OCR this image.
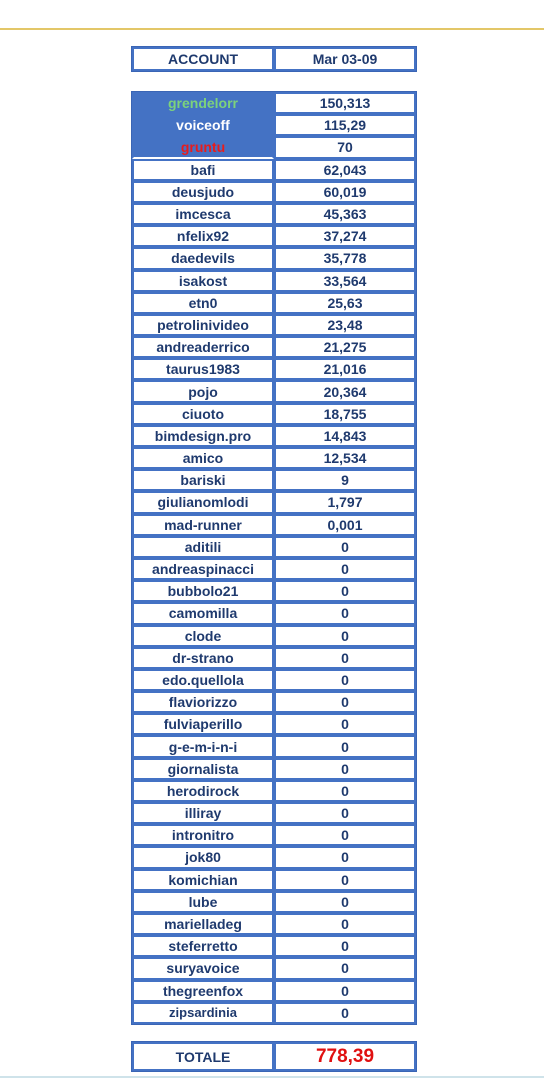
ACCOUNT	Mar 03-09
grendelorr	150,313
voiceoff	115,29
gruntu	70
bafi	62,043
deusjudo	60,019
imcesca	45,363
nfelix92	37,274
daedevils	35,778
isakost	33,564
etn0	25,63
petrolinivideo	23,48
andreaderrico	21,275
taurus1983	21,016
pojo	20,364
ciuoto	18,755
bimdesign.pro	14,843
amico	12,534
bariski	9
giulianomlodi	1,797
mad-runner	0,001
aditili	0
andreaspinacci	0
bubbolo21	0
camomilla	0
clode	0
dr-strano	0
edo.quellola	0
flaviorizzo	0
fulviaperillo	0
g-e-m-i-n-i	0
giornalista	0
herodirock	0
illiray	0
intronitro	0
jok80	0
komichian	0
lube	0
marielladeg	0
steferretto	0
suryavoice	0
thegreenfox	0
zipsardinia	0
TOTALE	778,39
